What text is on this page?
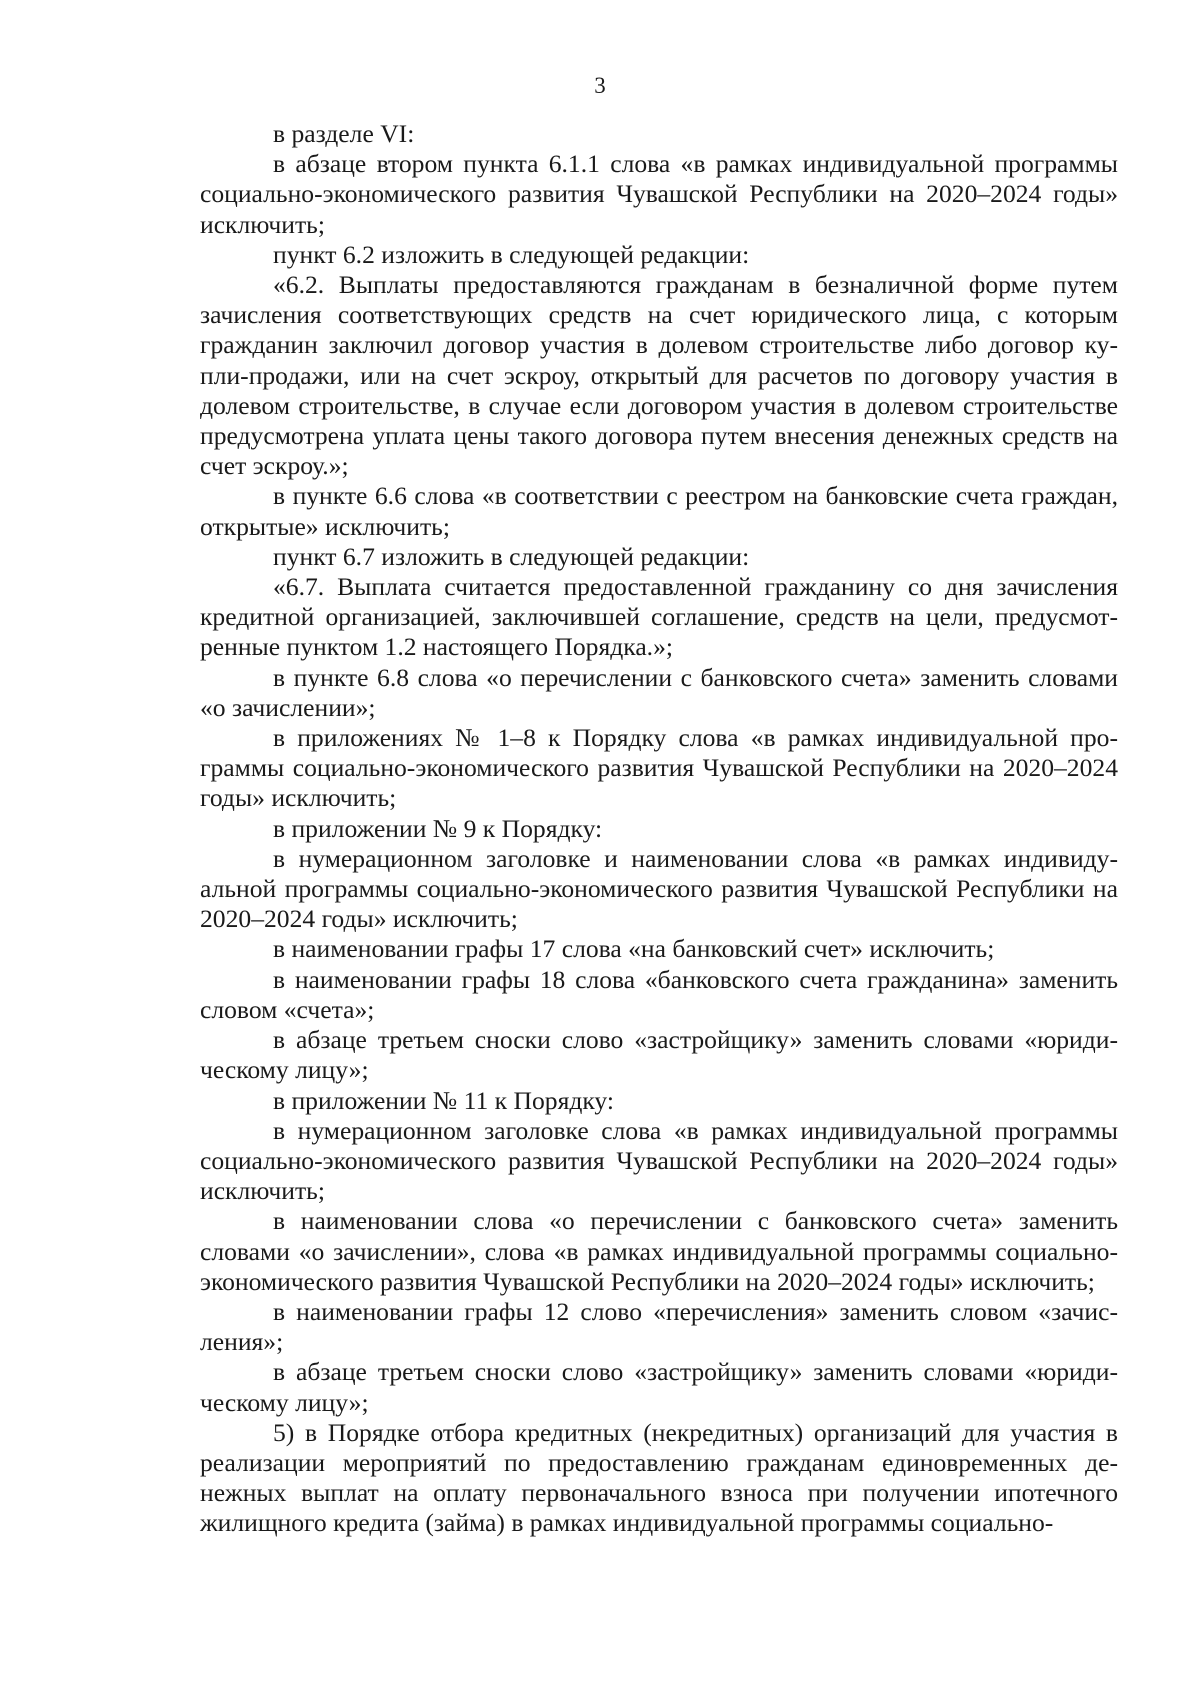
3

в разделе VI:

в абзаце втором пункта 6.1.1 слова «в рамках индивидуальной программы социально-экономического развития Чувашской Республики на 2020–2024 годы» исключить;

пункт 6.2 изложить в следующей редакции:

«6.2. Выплаты предоставляются гражданам в безналичной форме путем зачисления соответствующих средств на счет юридического лица, с которым гражданин заключил договор участия в долевом строительстве либо договор купли-продажи, или на счет эскроу, открытый для расчетов по договору участия в долевом строительстве, в случае если договором участия в долевом строительстве предусмотрена уплата цены такого договора путем внесения денежных средств на счет эскроу.»;

в пункте 6.6 слова «в соответствии с реестром на банковские счета граждан, открытые» исключить;

пункт 6.7 изложить в следующей редакции:

«6.7. Выплата считается предоставленной гражданину со дня зачисления кредитной организацией, заключившей соглашение, средств на цели, предусмотренные пунктом 1.2 настоящего Порядка.»;

в пункте 6.8 слова «о перечислении с банковского счета» заменить словами «о зачислении»;

в приложениях № 1–8 к Порядку слова «в рамках индивидуальной программы социально-экономического развития Чувашской Республики на 2020–2024 годы» исключить;

в приложении № 9 к Порядку:

в нумерационном заголовке и наименовании слова «в рамках индивидуальной программы социально-экономического развития Чувашской Республики на 2020–2024 годы» исключить;

в наименовании графы 17 слова «на банковский счет» исключить;

в наименовании графы 18 слова «банковского счета гражданина» заменить словом «счета»;

в абзаце третьем сноски слово «застройщику» заменить словами «юридическому лицу»;

в приложении № 11 к Порядку:

в нумерационном заголовке слова «в рамках индивидуальной программы социально-экономического развития Чувашской Республики на 2020–2024 годы» исключить;

в наименовании слова «о перечислении с банковского счета» заменить словами «о зачислении», слова «в рамках индивидуальной программы социально-экономического развития Чувашской Республики на 2020–2024 годы» исключить;

в наименовании графы 12 слово «перечисления» заменить словом «зачисления»;

в абзаце третьем сноски слово «застройщику» заменить словами «юридическому лицу»;

5) в Порядке отбора кредитных (некредитных) организаций для участия в реализации мероприятий по предоставлению гражданам единовременных денежных выплат на оплату первоначального взноса при получении ипотечного жилищного кредита (займа) в рамках индивидуальной программы социально-
